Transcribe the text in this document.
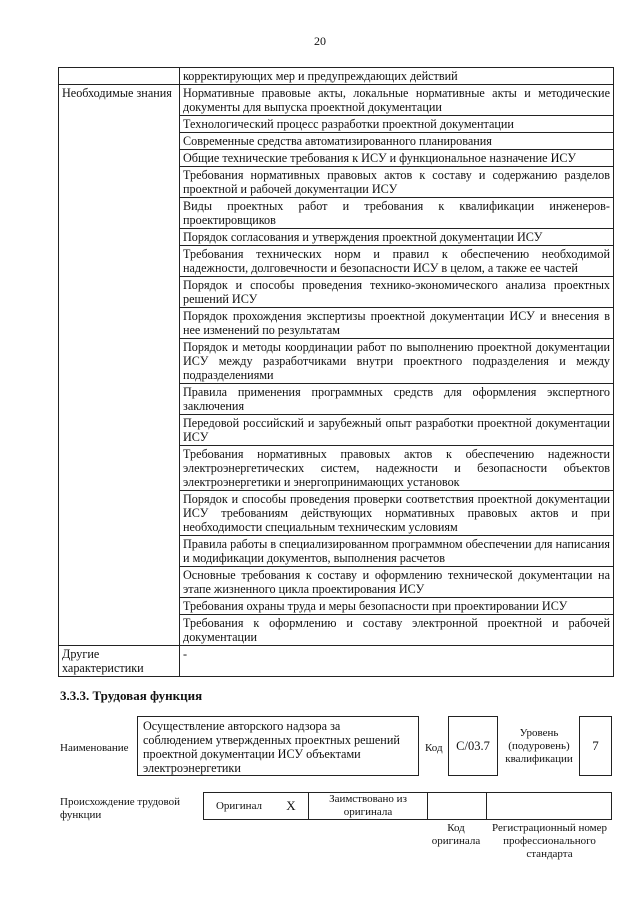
20
	корректирующих мер и предупреждающих действий
Необходимые знания	Нормативные правовые акты, локальные нормативные акты и методические документы для выпуска проектной документации
	Технологический процесс разработки проектной документации
	Современные средства автоматизированного планирования
	Общие технические требования к ИСУ и функциональное назначение ИСУ
	Требования нормативных правовых актов к составу и содержанию разделов проектной и рабочей документации ИСУ
	Виды проектных работ и требования к квалификации инженеров-проектировщиков
	Порядок согласования и утверждения проектной документации ИСУ
	Требования технических норм и правил к обеспечению необходимой надежности, долговечности и безопасности ИСУ в целом, а также ее частей
	Порядок и способы проведения технико-экономического анализа проектных решений ИСУ
	Порядок прохождения экспертизы проектной документации ИСУ и внесения в нее изменений по результатам
	Порядок и методы координации работ по выполнению проектной документации ИСУ между разработчиками внутри проектного подразделения и между подразделениями
	Правила применения программных средств для оформления экспертного заключения
	Передовой российский и зарубежный опыт разработки проектной документации ИСУ
	Требования нормативных правовых актов к обеспечению надежности электроэнергетических систем, надежности и безопасности объектов электроэнергетики и энергопринимающих установок
	Порядок и способы проведения проверки соответствия проектной документации ИСУ требованиям действующих нормативных правовых актов и при необходимости специальным техническим условиям
	Правила работы в специализированном программном обеспечении для написания и модификации документов, выполнения расчетов
	Основные требования к составу и оформлению технической документации на этапе жизненного цикла проектирования ИСУ
	Требования охраны труда и меры безопасности при проектировании ИСУ
	Требования к оформлению и составу электронной проектной и рабочей документации
Другие характеристики	-
3.3.3. Трудовая функция
Наименование
Осуществление авторского надзора за соблюдением утвержденных проектных решений проектной документации ИСУ объектами электроэнергетики
Код С/03.7
Уровень (подуровень) квалификации
7
Происхождение трудовой функции
Оригинал	X	Заимствовано из оригинала
Код оригинала
Регистрационный номер профессионального стандарта
